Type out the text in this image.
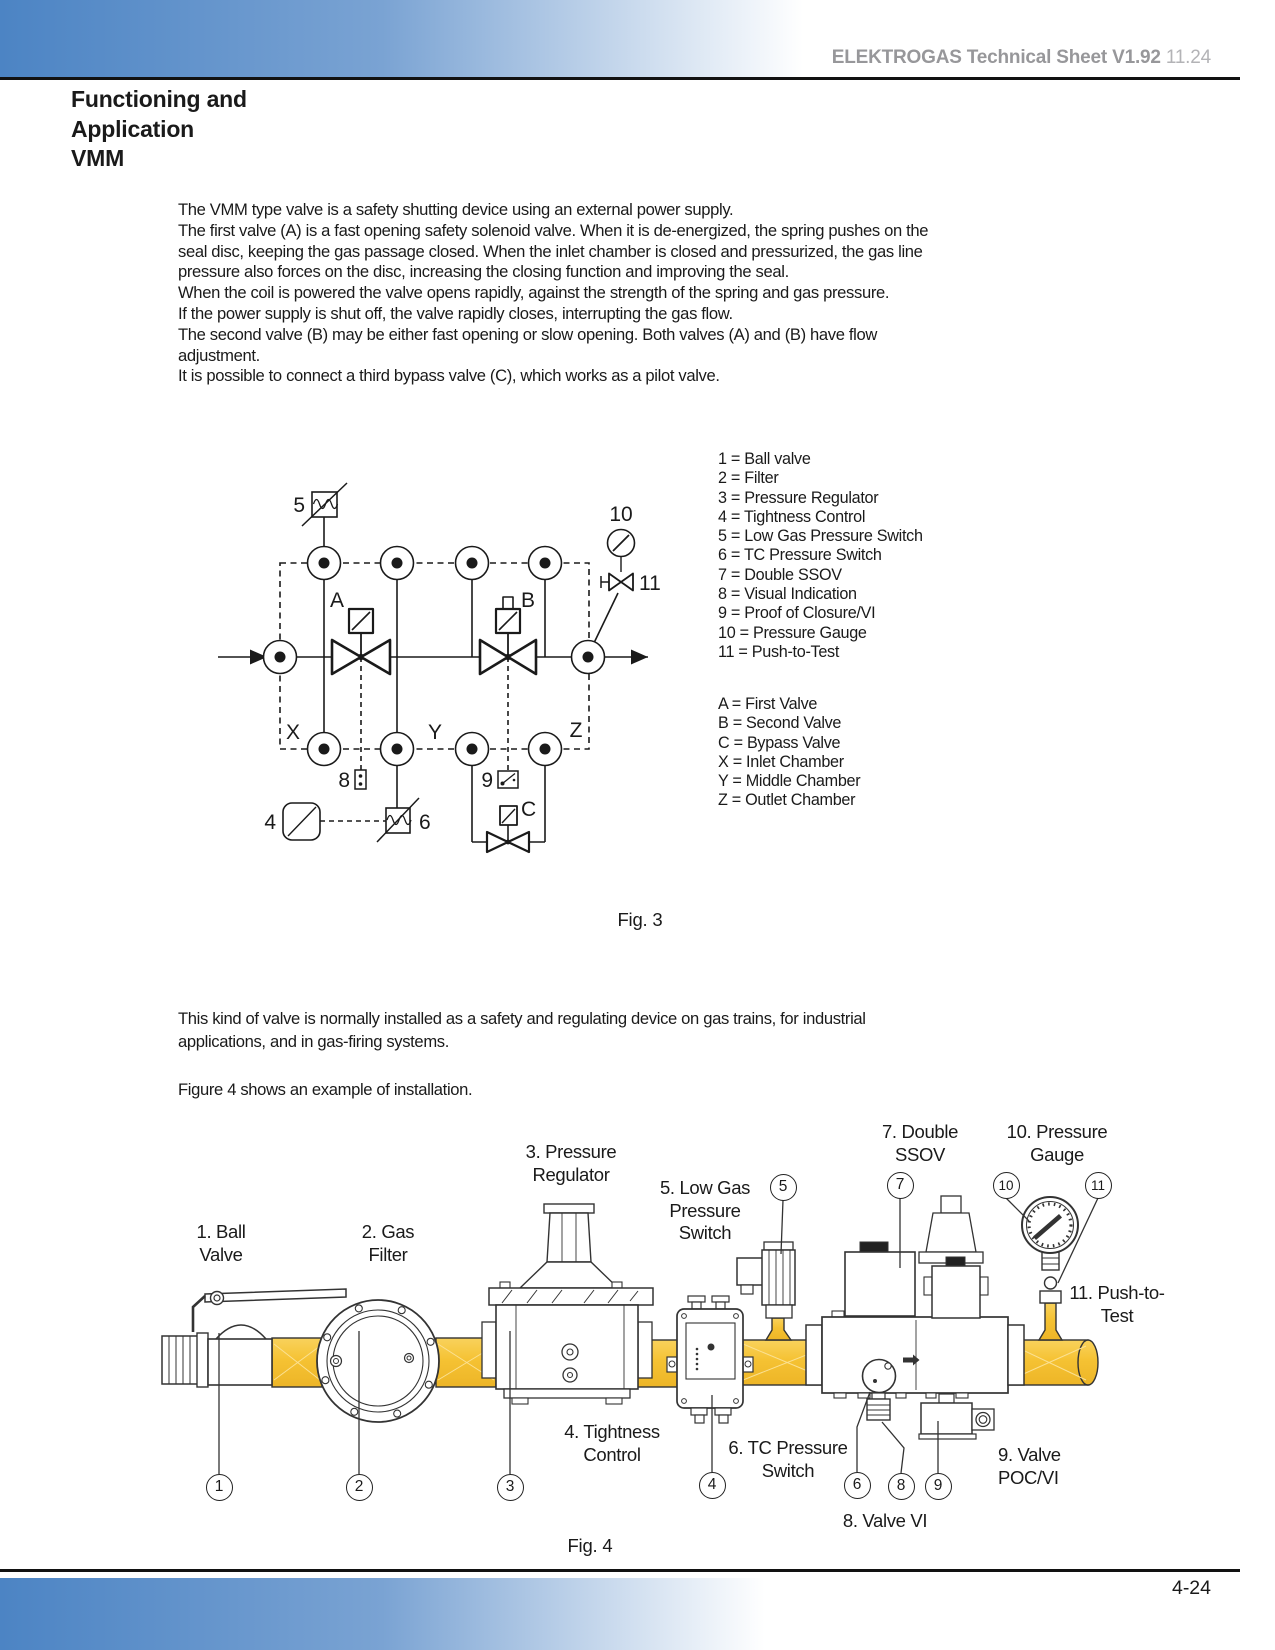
ELEKTROGAS Technical Sheet V1.92 11.24
Functioning and
Application
VMM
The VMM type valve is a safety shutting device using an external power supply.
The first valve (A) is a fast opening safety solenoid valve. When it is de-energized, the spring pushes on the
seal disc, keeping the gas passage closed. When the inlet chamber is closed and pressurized, the gas line
pressure also forces on the disc, increasing the closing function and improving the seal.
When the coil is powered the valve opens rapidly, against the strength of the spring and gas pressure.
If the power supply is shut off, the valve rapidly closes, interrupting the gas flow.
The second valve (B) may be either fast opening or slow opening. Both valves (A) and (B) have flow
adjustment.
It is possible to connect a third bypass valve (C), which works as a pilot valve.
5
A	B
10
11
X	Y	Z
8	9
4	6
C
1 = Ball valve
2 = Filter
3 = Pressure Regulator
4 = Tightness Control
5 = Low Gas Pressure Switch
6 = TC Pressure Switch
7 = Double SSOV
8 = Visual Indication
9 = Proof of Closure/VI
10 = Pressure Gauge
11 = Push-to-Test
A = First Valve
B = Second Valve
C = Bypass Valve
X = Inlet Chamber
Y = Middle Chamber
Z = Outlet Chamber
Fig. 3
This kind of valve is normally installed as a safety and regulating device on gas trains, for industrial
applications, and in gas-firing systems.
Figure 4 shows an example of installation.
1	2	3	4
5
6
7
8 9
10	11
1. Ball
Valve
2. Gas
Filter
3. Pressure
Regulator
5. Low Gas
Pressure
Switch
7. Double
SSOV
10. Pressure
Gauge
11. Push-to-
Test
4. Tightness
Control	6. TC Pressure
Switch
9. Valve
POC/VI
8. Valve VI
Fig. 4
4-24
